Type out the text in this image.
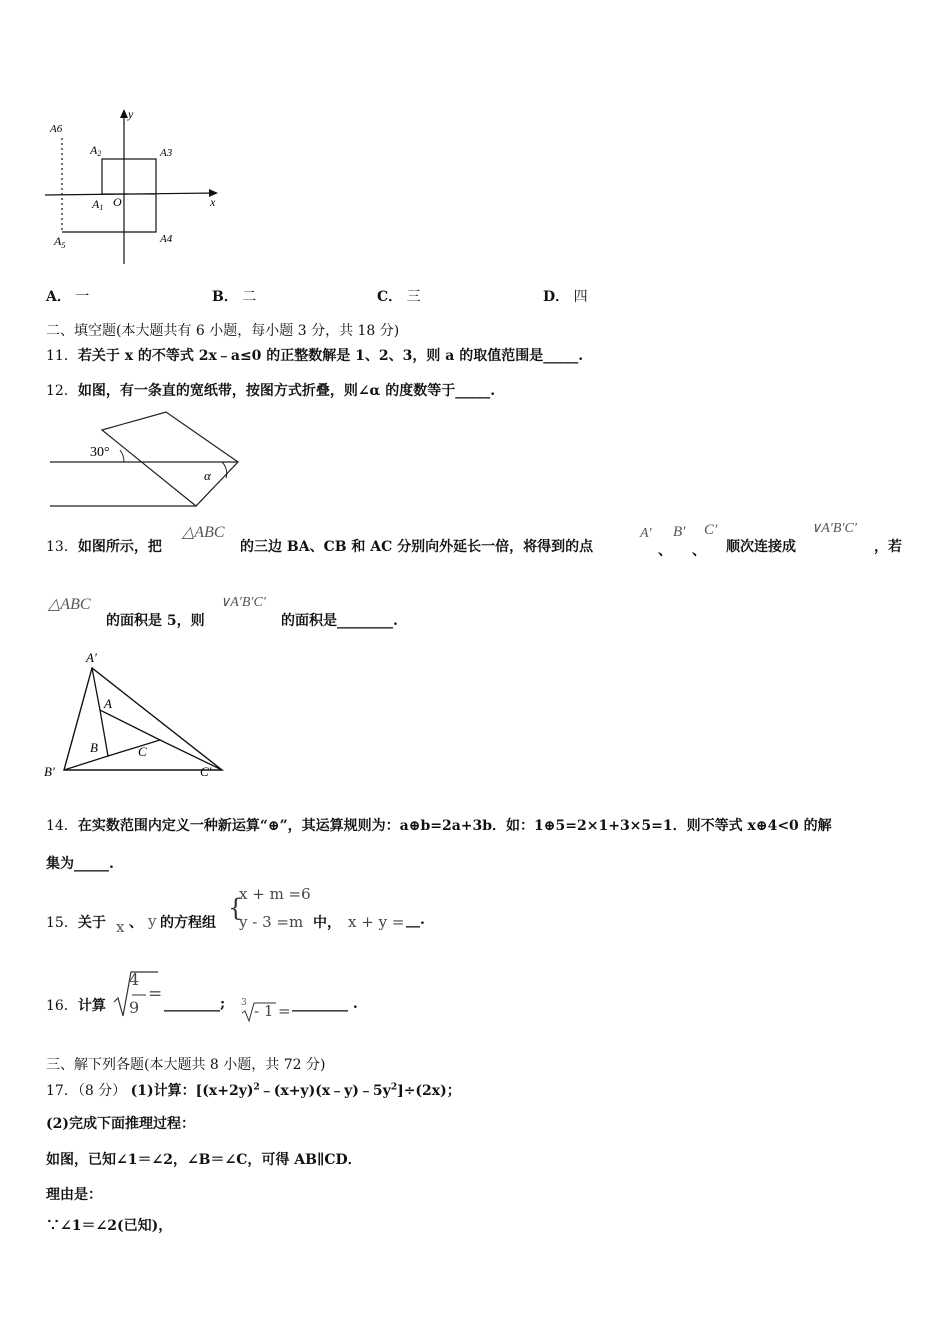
y
x
O
A1
A2	A3
A4
$A_5$
A6
A． 一	B． 二	C． 三	D． 四
二、填空题(本大题共有 6 小题，每小题 3 分，共 18 分)
11．若关于 x 的不等式 2x﹣a≤0 的正整数解是 1、2、3，则 a 的取值范围是_____.
12．如图，有一条直的宽纸带，按图方式折叠，则∠α 的度数等于_____.
30°
α
13．如图所示，把
△ABC
的三边 BA、CB 和 AC 分别向外延长一倍，将得到的点
A′
、
B′
、
C′
顺次连接成
∨A′B′C′
，若
△ABC
的面积是 5，则
∨A′B′C′
的面积是________.
A′
A
B	C
B′	C′
14．在实数范围内定义一种新运算“⊕”，其运算规则为：a⊕b=2a+3b．如：1⊕5=2×1+3×5=1．则不等式 x⊕4<0 的解
集为_____.
15．关于 x 、 y 的方程组
{
x + m =6
y - 3 =m 中， x + y = __.
16．计算
4
9
= ________; 3 - 1 = ________ .
三、解下列各题(本大题共 8 小题，共 72 分)
17．（8 分） (1)计算：$[(x+2y)^2﹣(x+y)(x﹣y)﹣5y^2]\div(2x)$；
(2)完成下面推理过程：
如图，已知∠1＝∠2，∠B＝∠C，可得 AB∥CD．
理由是：
∵∠1＝∠2(已知)，
